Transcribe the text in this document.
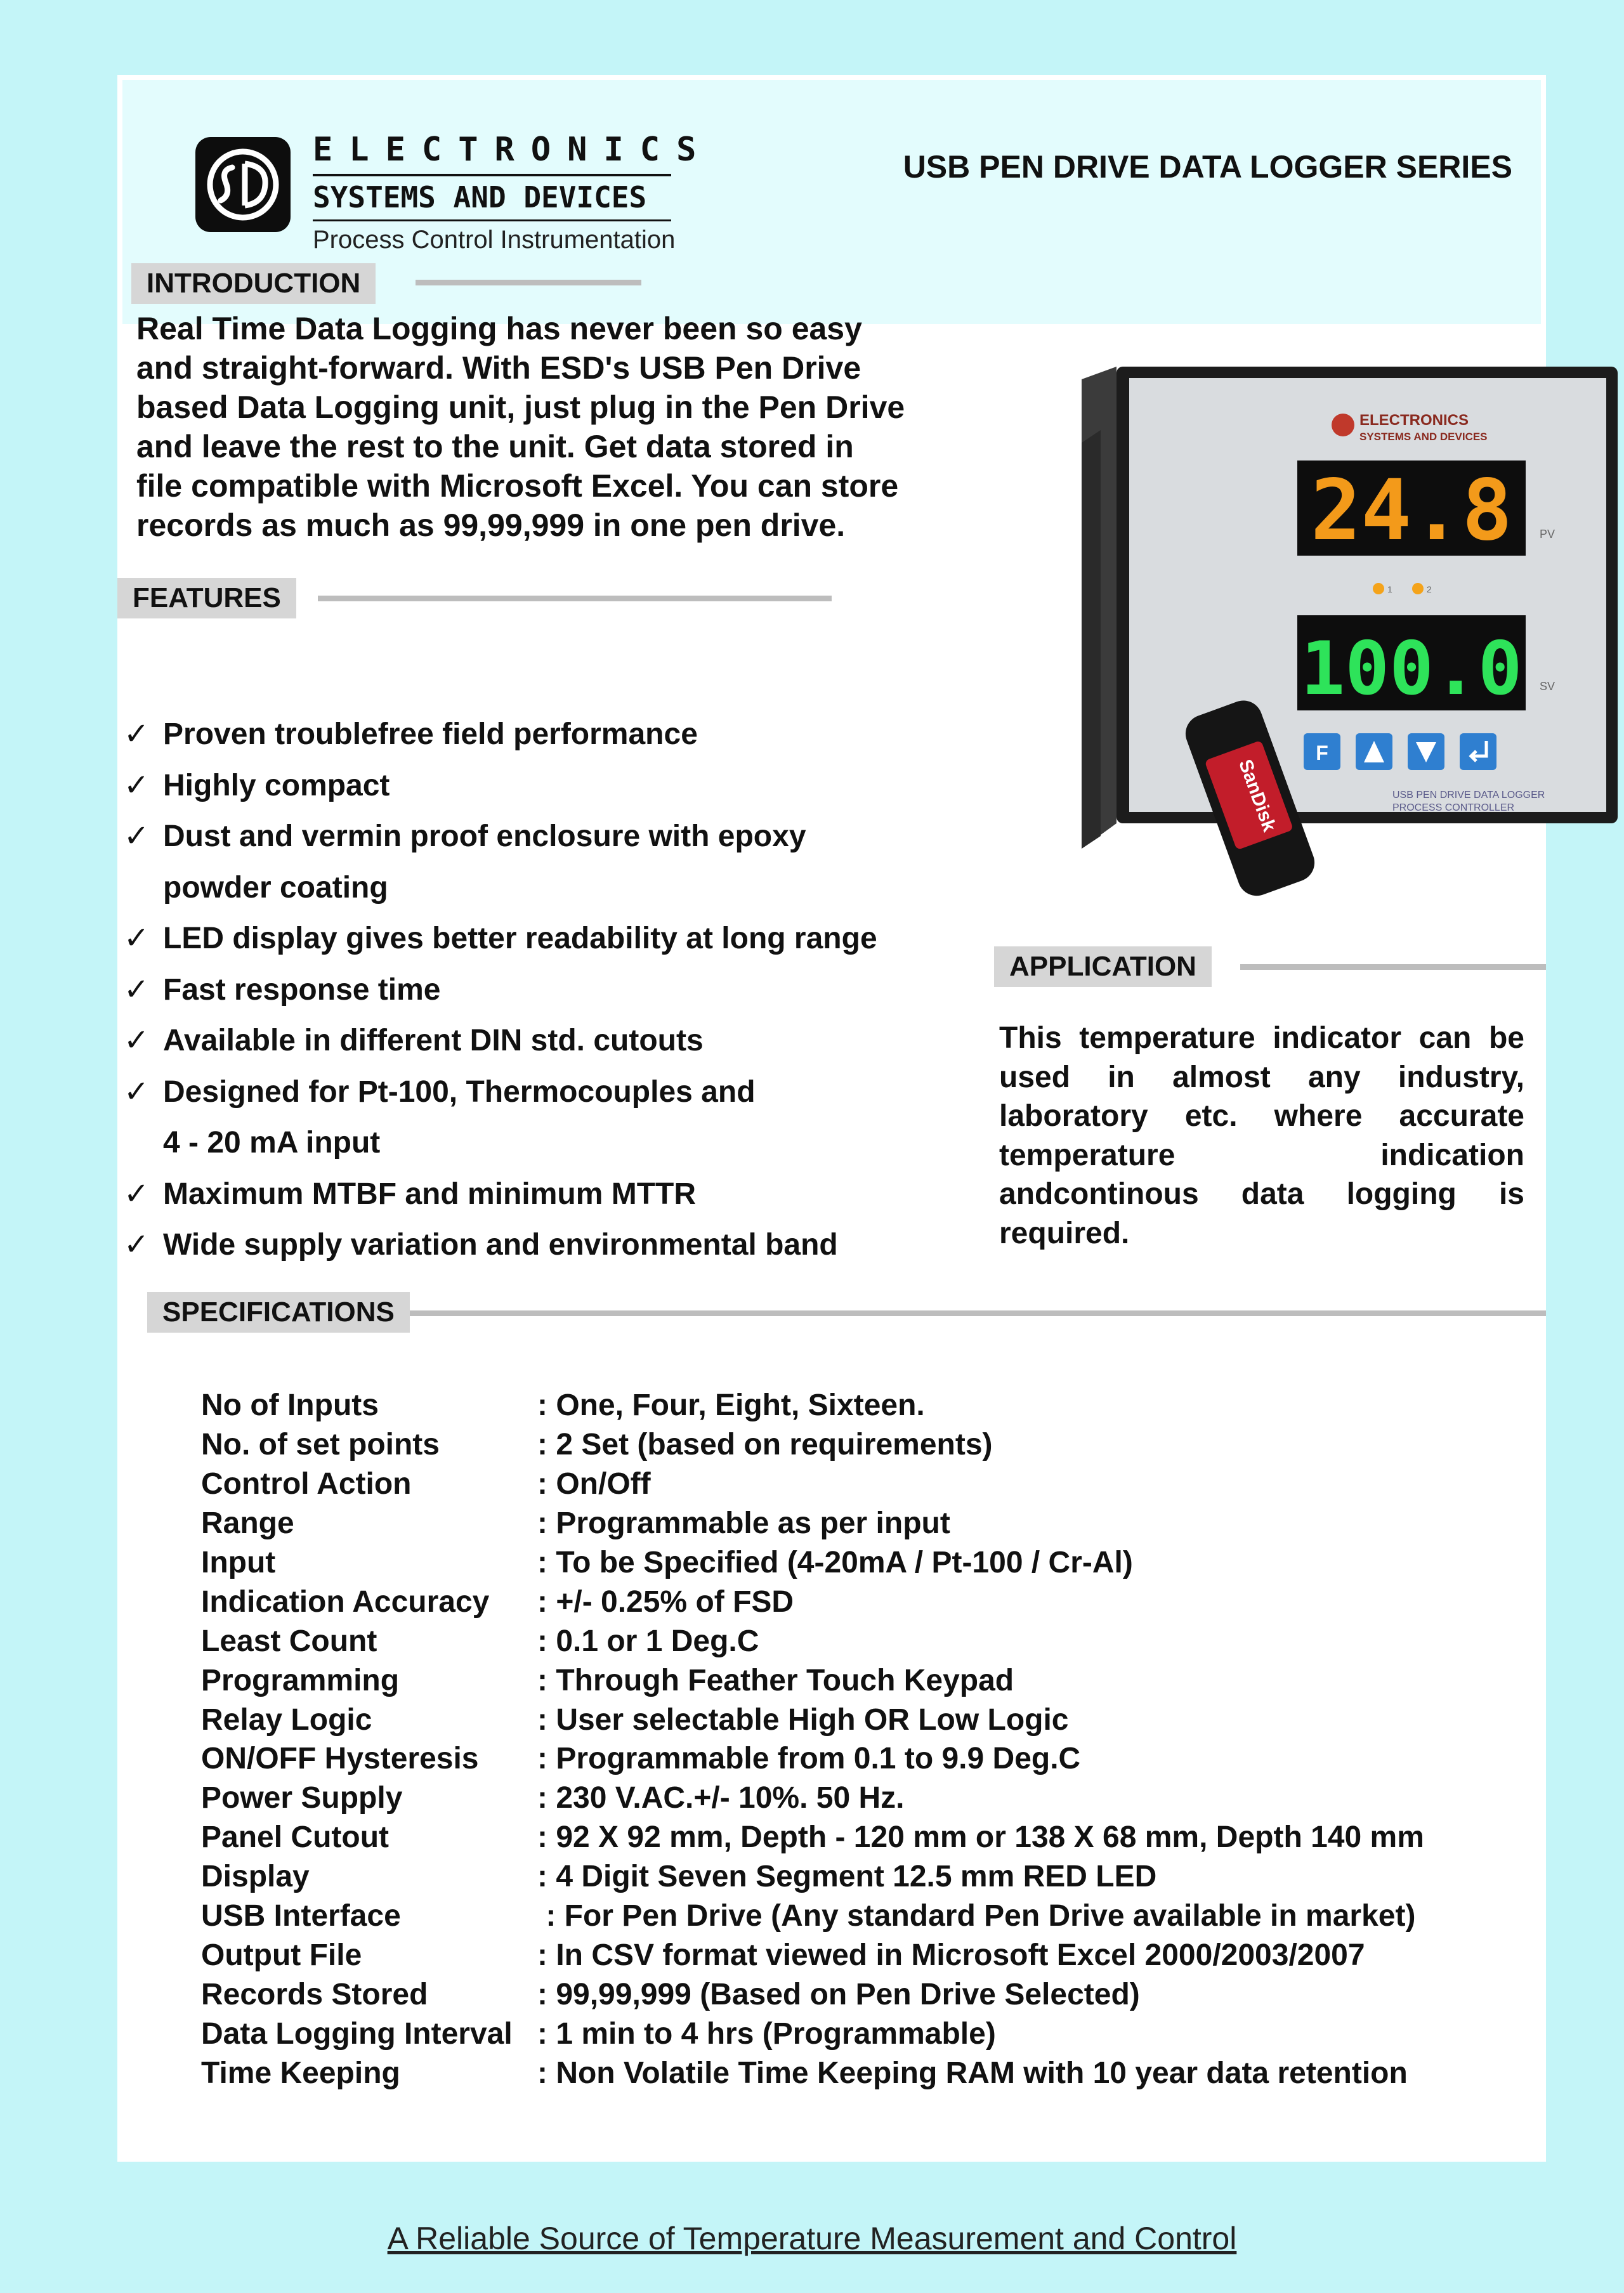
ELECTRONICS
SYSTEMS AND DEVICES
Process Control Instrumentation
USB PEN DRIVE DATA LOGGER SERIES
INTRODUCTION
Real Time Data Logging has never been so easy
and straight-forward. With ESD's USB Pen Drive
based Data Logging unit, just plug in the Pen Drive
and leave the rest to the unit. Get data stored in
file compatible with Microsoft Excel. You can store
records as much as 99,99,999 in one pen drive.
FEATURES
✓ Proven troublefree field performance
✓ Highly compact
✓ Dust and vermin proof enclosure with epoxy
powder coating
✓ LED display gives better readability at long range
✓ Fast response time
✓ Available in different DIN std. cutouts
✓ Designed for Pt-100, Thermocouples and
4 - 20 mA input
✓ Maximum MTBF and minimum MTTR
✓ Wide supply variation and environmental band
ELECTRONICS
SYSTEMS AND DEVICES
24.8 PV
1	2
100.0 SV
F
USB PEN DRIVE DATA LOGGER
PROCESS CONTROLLER
SanDisk
APPLICATION
This temperature indicator can be used in almost any industry, laboratory etc. where accurate temperature indication andcontinous data logging is required.
SPECIFICATIONS
No of Inputs	: One, Four, Eight, Sixteen.
No. of set points	: 2 Set (based on requirements)
Control Action	: On/Off
Range	: Programmable as per input
Input	: To be Specified (4-20mA / Pt-100 / Cr-Al)
Indication Accuracy	: +/- 0.25% of FSD
Least Count	: 0.1 or 1 Deg.C
Programming	: Through Feather Touch Keypad
Relay Logic	: User selectable High OR Low Logic
ON/OFF Hysteresis	: Programmable from 0.1 to 9.9 Deg.C
Power Supply	: 230 V.AC.+/- 10%. 50 Hz.
Panel Cutout	: 92 X 92 mm, Depth - 120 mm or 138 X 68 mm, Depth 140 mm
Display	: 4 Digit Seven Segment 12.5 mm RED LED
USB Interface	: For Pen Drive (Any standard Pen Drive available in market)
Output File	: In CSV format viewed in Microsoft Excel 2000/2003/2007
Records Stored	: 99,99,999 (Based on Pen Drive Selected)
Data Logging Interval	: 1 min to 4 hrs (Programmable)
Time Keeping	: Non Volatile Time Keeping RAM with 10 year data retention
A Reliable Source of Temperature Measurement and Control
